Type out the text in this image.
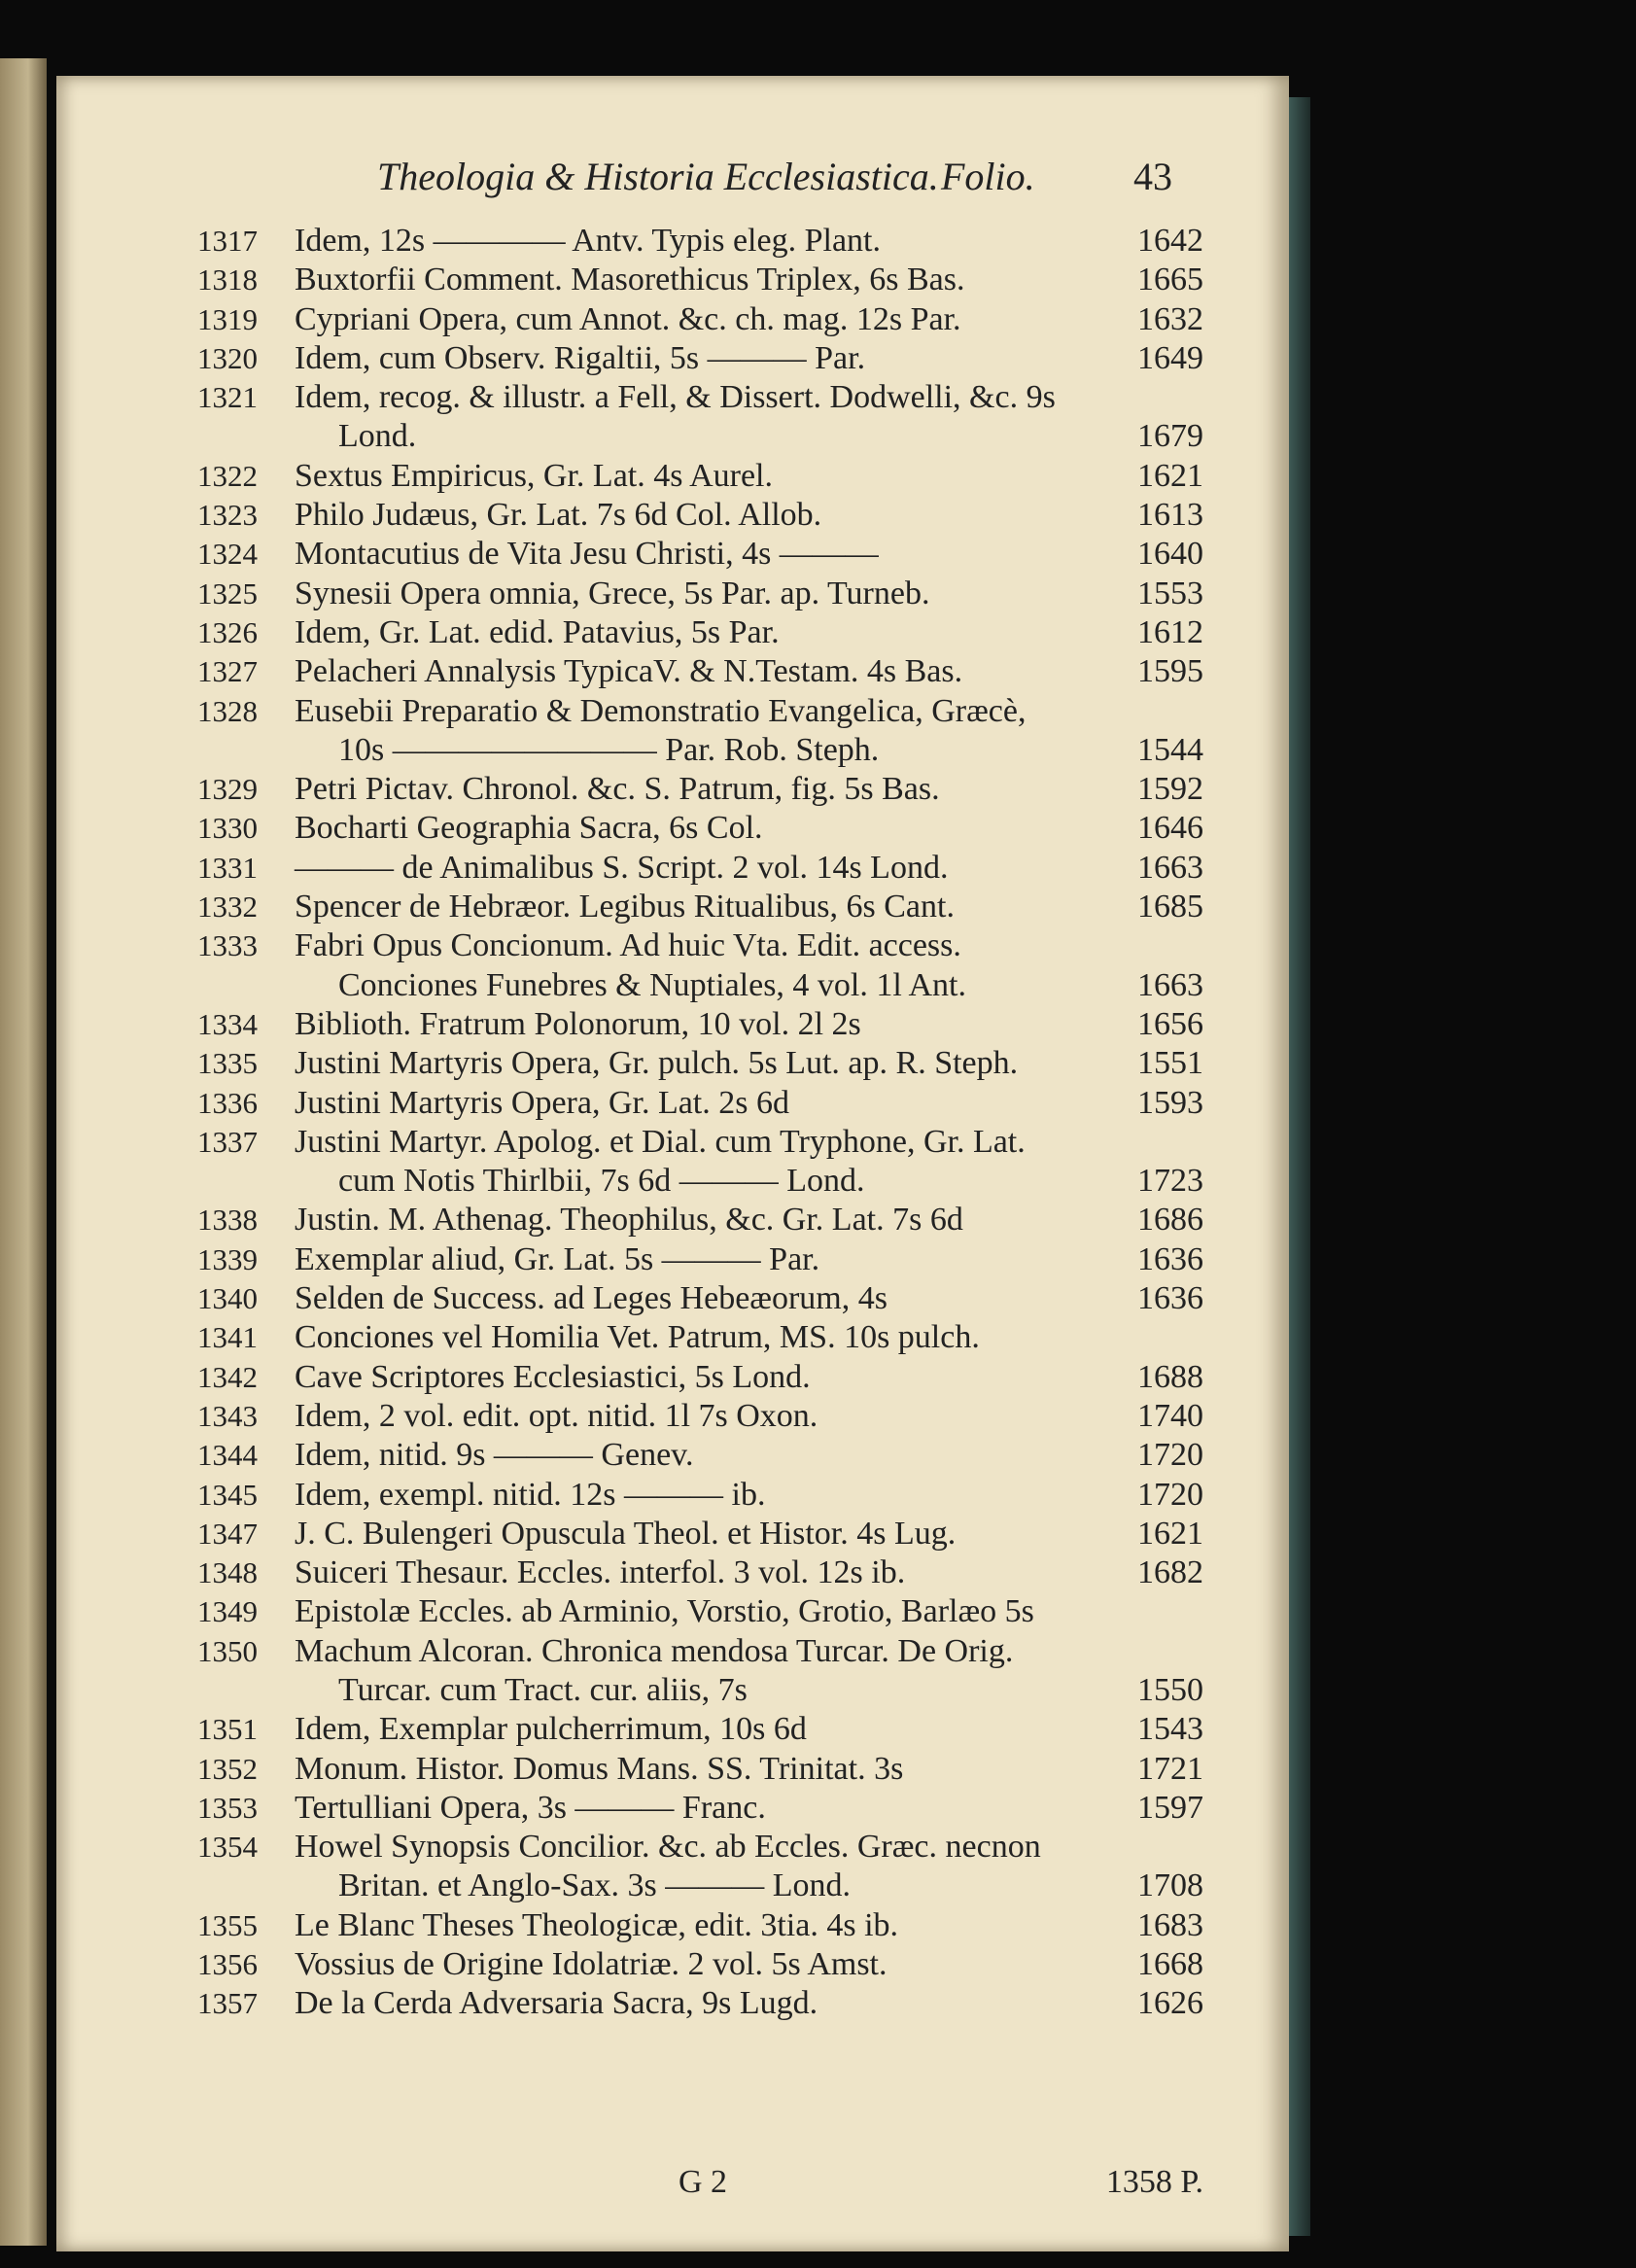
Theologia & Historia Ecclesiastica. Folio.	43
1317	Idem, 12s ———— Antv. Typis eleg. Plant.	1642
1318	Buxtorfii Comment. Masorethicus Triplex, 6s Bas.	1665
1319	Cypriani Opera, cum Annot. &c. ch. mag. 12s Par.	1632
1320	Idem, cum Observ. Rigaltii, 5s ——— Par.	1649
1321	Idem, recog. & illustr. a Fell, & Dissert. Dodwelli, &c. 9s
Lond.	1679
1322	Sextus Empiricus, Gr. Lat. 4s Aurel.	1621
1323	Philo Judæus, Gr. Lat. 7s 6d Col. Allob.	1613
1324	Montacutius de Vita Jesu Christi, 4s ———	1640
1325	Synesii Opera omnia, Grece, 5s Par. ap. Turneb.	1553
1326	Idem, Gr. Lat. edid. Patavius, 5s Par.	1612
1327	Pelacheri Annalysis TypicaV. & N.Testam. 4s Bas.	1595
1328	Eusebii Preparatio & Demonstratio Evangelica, Græcè,
10s ———————— Par. Rob. Steph.	1544
1329	Petri Pictav. Chronol. &c. S. Patrum, fig. 5s Bas.	1592
1330	Bocharti Geographia Sacra, 6s Col.	1646
1331	——— de Animalibus S. Script. 2 vol. 14s Lond.	1663
1332	Spencer de Hebræor. Legibus Ritualibus, 6s Cant.	1685
1333	Fabri Opus Concionum. Ad huic Vta. Edit. access.
Conciones Funebres & Nuptiales, 4 vol. 1l Ant.	1663
1334	Biblioth. Fratrum Polonorum, 10 vol. 2l 2s	1656
1335	Justini Martyris Opera, Gr. pulch. 5s Lut. ap. R. Steph.	1551
1336	Justini Martyris Opera, Gr. Lat. 2s 6d	1593
1337	Justini Martyr. Apolog. et Dial. cum Tryphone, Gr. Lat.
cum Notis Thirlbii, 7s 6d ——— Lond.	1723
1338	Justin. M. Athenag. Theophilus, &c. Gr. Lat. 7s 6d	1686
1339	Exemplar aliud, Gr. Lat. 5s ——— Par.	1636
1340	Selden de Success. ad Leges Hebeæorum, 4s	1636
1341	Conciones vel Homilia Vet. Patrum, MS. 10s pulch.
1342	Cave Scriptores Ecclesiastici, 5s Lond.	1688
1343	Idem, 2 vol. edit. opt. nitid. 1l 7s Oxon.	1740
1344	Idem, nitid. 9s ——— Genev.	1720
1345	Idem, exempl. nitid. 12s ——— ib.	1720
1347	J. C. Bulengeri Opuscula Theol. et Histor. 4s Lug.	1621
1348	Suiceri Thesaur. Eccles. interfol. 3 vol. 12s ib.	1682
1349	Epistolæ Eccles. ab Arminio, Vorstio, Grotio, Barlæo 5s
1350	Machum Alcoran. Chronica mendosa Turcar. De Orig.
Turcar. cum Tract. cur. aliis, 7s	1550
1351	Idem, Exemplar pulcherrimum, 10s 6d	1543
1352	Monum. Histor. Domus Mans. SS. Trinitat. 3s	1721
1353	Tertulliani Opera, 3s ——— Franc.	1597
1354	Howel Synopsis Concilior. &c. ab Eccles. Græc. necnon
Britan. et Anglo-Sax. 3s ——— Lond.	1708
1355	Le Blanc Theses Theologicæ, edit. 3tia. 4s ib.	1683
1356	Vossius de Origine Idolatriæ. 2 vol. 5s Amst.	1668
1357	De la Cerda Adversaria Sacra, 9s Lugd.	1626
G 2	1358 P.
